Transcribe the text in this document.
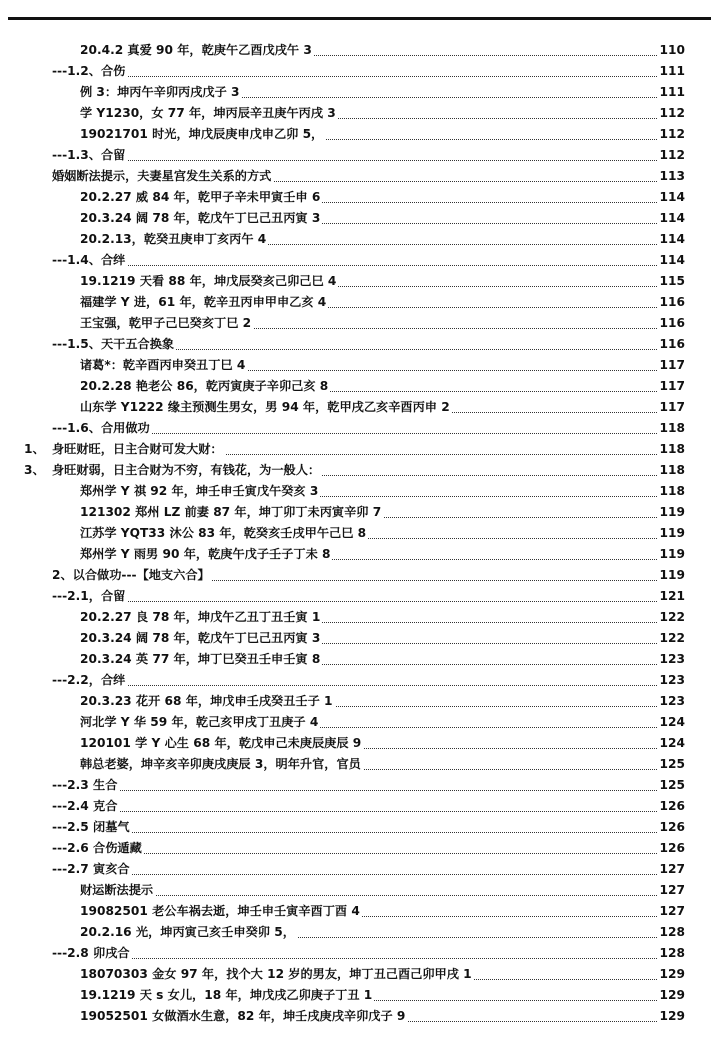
20.4.2 真爱 90 年，乾庚午乙酉戊戌午 3	110
---1.2、合伤	111
例 3：坤丙午辛卯丙戌戊子 3	111
学 Y1230，女 77 年，坤丙辰辛丑庚午丙戌 3	112
19021701 时光，坤戊辰庚申戊申乙卯 5，	112
---1.3、合留	112
婚姻断法提示，夫妻星宫发生关系的方式	113
20.2.27 威 84 年，乾甲子辛未甲寅壬申 6	114
20.3.24 阔 78 年，乾戊午丁巳己丑丙寅 3	114
20.2.13，乾癸丑庚申丁亥丙午 4	114
---1.4、合绊	114
19.1219 天看 88 年，坤戊辰癸亥己卯己巳 4	115
福建学 Y 进，61 年，乾辛丑丙申甲申乙亥 4	116
王宝强，乾甲子己巳癸亥丁巳 2	116
---1.5、天干五合换象	116
诸葛*：乾辛酉丙申癸丑丁巳 4	117
20.2.28 艳老公 86，乾丙寅庚子辛卯己亥 8	117
山东学 Y1222 缘主预测生男女，男 94 年，乾甲戌乙亥辛酉丙申 2	117
---1.6、合用做功	118
1、 身旺财旺，日主合财可发大财：	118
3、 身旺财弱，日主合财为不穷，有钱花，为一般人：	118
郑州学 Y 祺 92 年，坤壬申壬寅戊午癸亥 3	118
121302 郑州 LZ 前妻 87 年，坤丁卯丁未丙寅辛卯 7	119
江苏学 YQT33 沐公 83 年，乾癸亥壬戌甲午己巳 8	119
郑州学 Y 雨男 90 年，乾庚午戊子壬子丁未 8	119
2、以合做功---【地支六合】	119
---2.1，合留	121
20.2.27 良 78 年，坤戊午乙丑丁丑壬寅 1	122
20.3.24 阔 78 年，乾戊午丁巳己丑丙寅 3	122
20.3.24 英 77 年，坤丁巳癸丑壬申壬寅 8	123
---2.2，合绊	123
20.3.23 花开 68 年，坤戊申壬戌癸丑壬子 1	123
河北学 Y 华 59 年，乾己亥甲戌丁丑庚子 4	124
120101 学 Y 心生 68 年，乾戊申己未庚辰庚辰 9	124
韩总老婆，坤辛亥辛卯庚戌庚辰 3，明年升官，官员	125
---2.3 生合	125
---2.4 克合	126
---2.5 闭墓气	126
---2.6 合伤遁藏	126
---2.7 寅亥合	127
财运断法提示	127
19082501 老公车祸去逝，坤壬申壬寅辛酉丁酉 4	127
20.2.16 光，坤丙寅己亥壬申癸卯 5，	128
---2.8 卯戌合	128
18070303 金女 97 年，找个大 12 岁的男友，坤丁丑己酉己卯甲戌 1	129
19.1219 天 s 女儿，18 年，坤戊戌乙卯庚子丁丑 1	129
19052501 女做酒水生意，82 年，坤壬戌庚戌辛卯戊子 9	129
